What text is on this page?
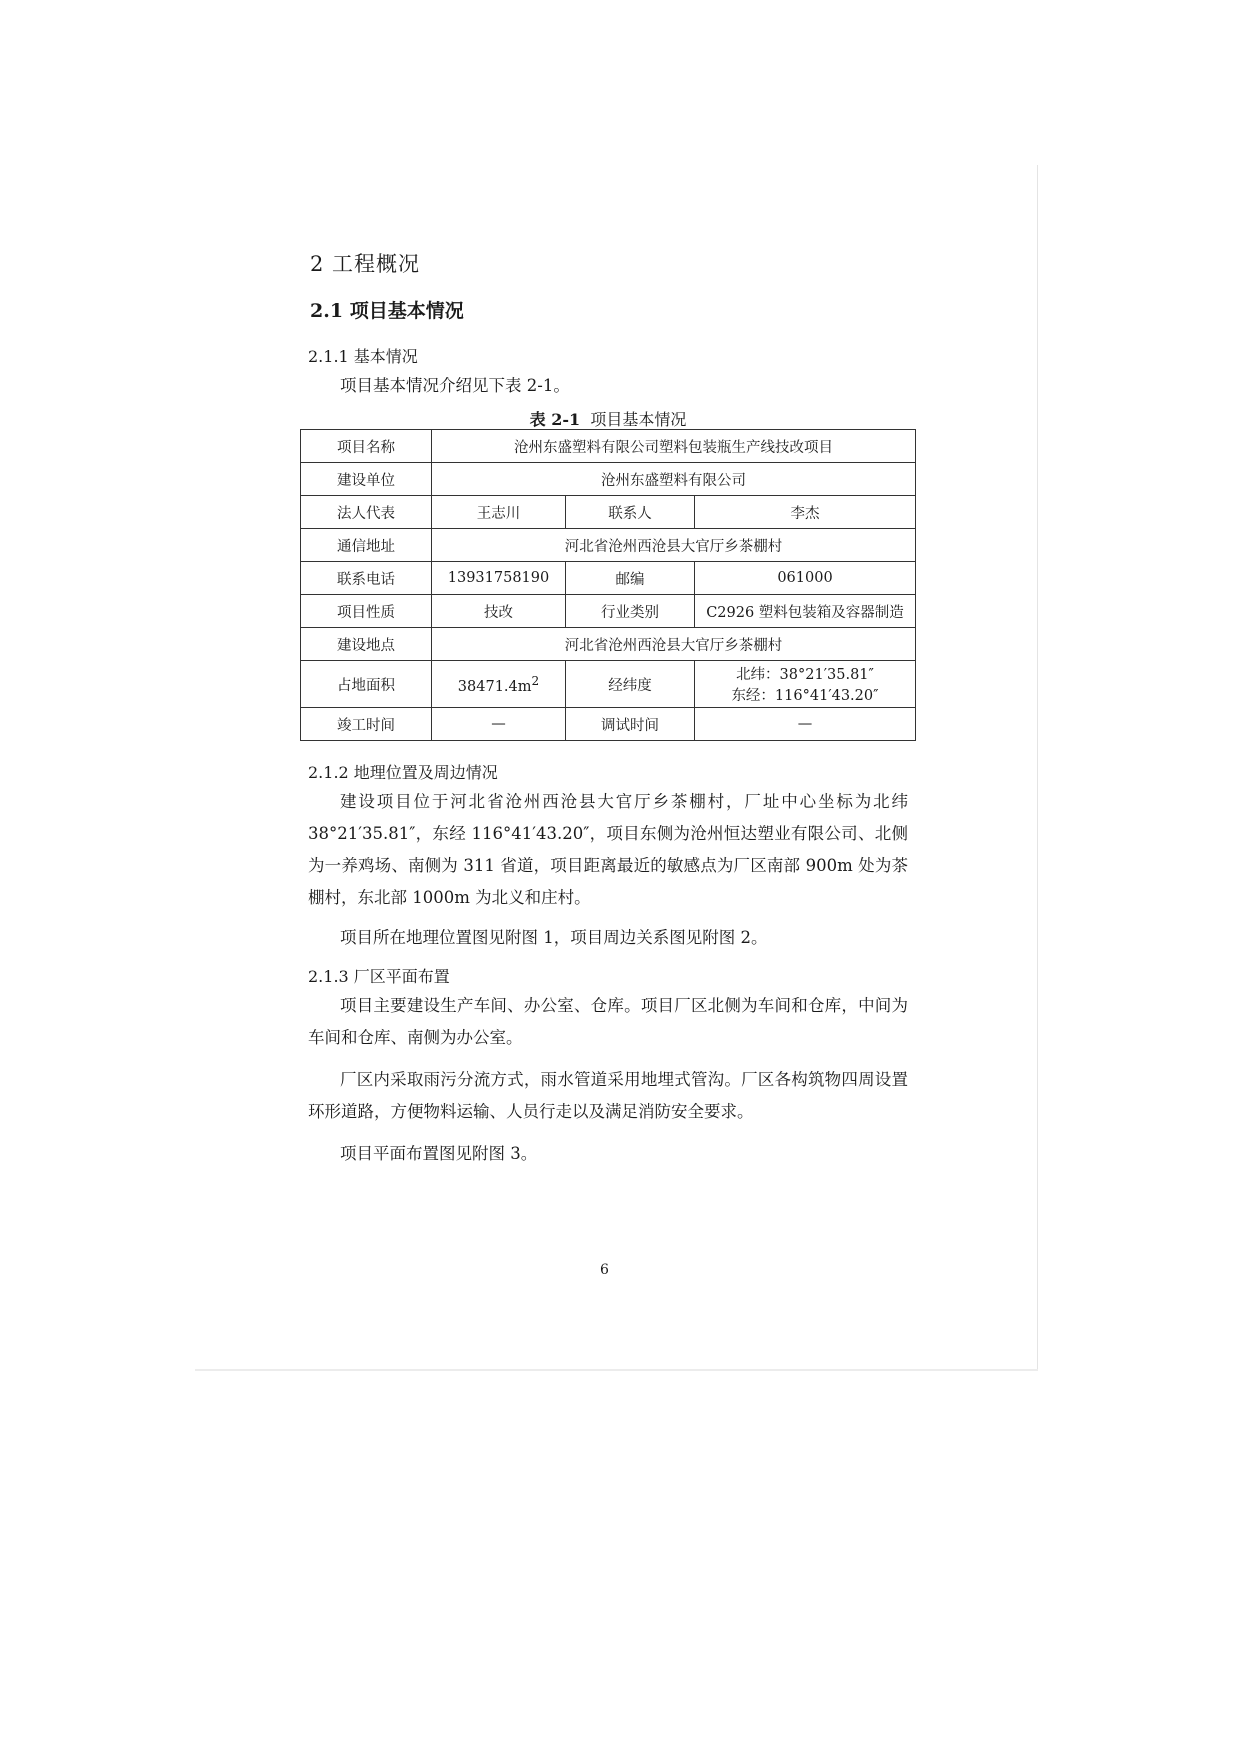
2 工程概况
2.1 项目基本情况
2.1.1 基本情况

项目基本情况介绍见下表 2-1。

表 2-1 项目基本情况
项目名称	沧州东盛塑料有限公司塑料包装瓶生产线技改项目		
建设单位	沧州东盛塑料有限公司		
法人代表	王志川	联系人	李杰
通信地址	河北省沧州西沧县大官厅乡茶棚村		
联系电话	13931758190	邮编	061000
项目性质	技改	行业类别	C2926 塑料包装箱及容器制造
建设地点	河北省沧州西沧县大官厅乡茶棚村		
占地面积	$38471.4m^2$	经纬度	北纬：38°21′35.81″
东经：116°41′43.20″

竣工时间	—	调试时间	—
2.1.2 地理位置及周边情况

建设项目位于河北省沧州西沧县大官厅乡茶棚村，厂址中心坐标为北纬 38°21′35.81″，东经 116°41′43.20″，项目东侧为沧州恒达塑业有限公司、北侧为一养鸡场、南侧为 311 省道，项目距离最近的敏感点为厂区南部 900m 处为茶棚村，东北部 1000m 为北义和庄村。

项目所在地理位置图见附图 1，项目周边关系图见附图 2。

2.1.3 厂区平面布置

项目主要建设生产车间、办公室、仓库。项目厂区北侧为车间和仓库，中间为车间和仓库、南侧为办公室。

厂区内采取雨污分流方式，雨水管道采用地埋式管沟。厂区各构筑物四周设置环形道路，方便物料运输、人员行走以及满足消防安全要求。

项目平面布置图见附图 3。

6
